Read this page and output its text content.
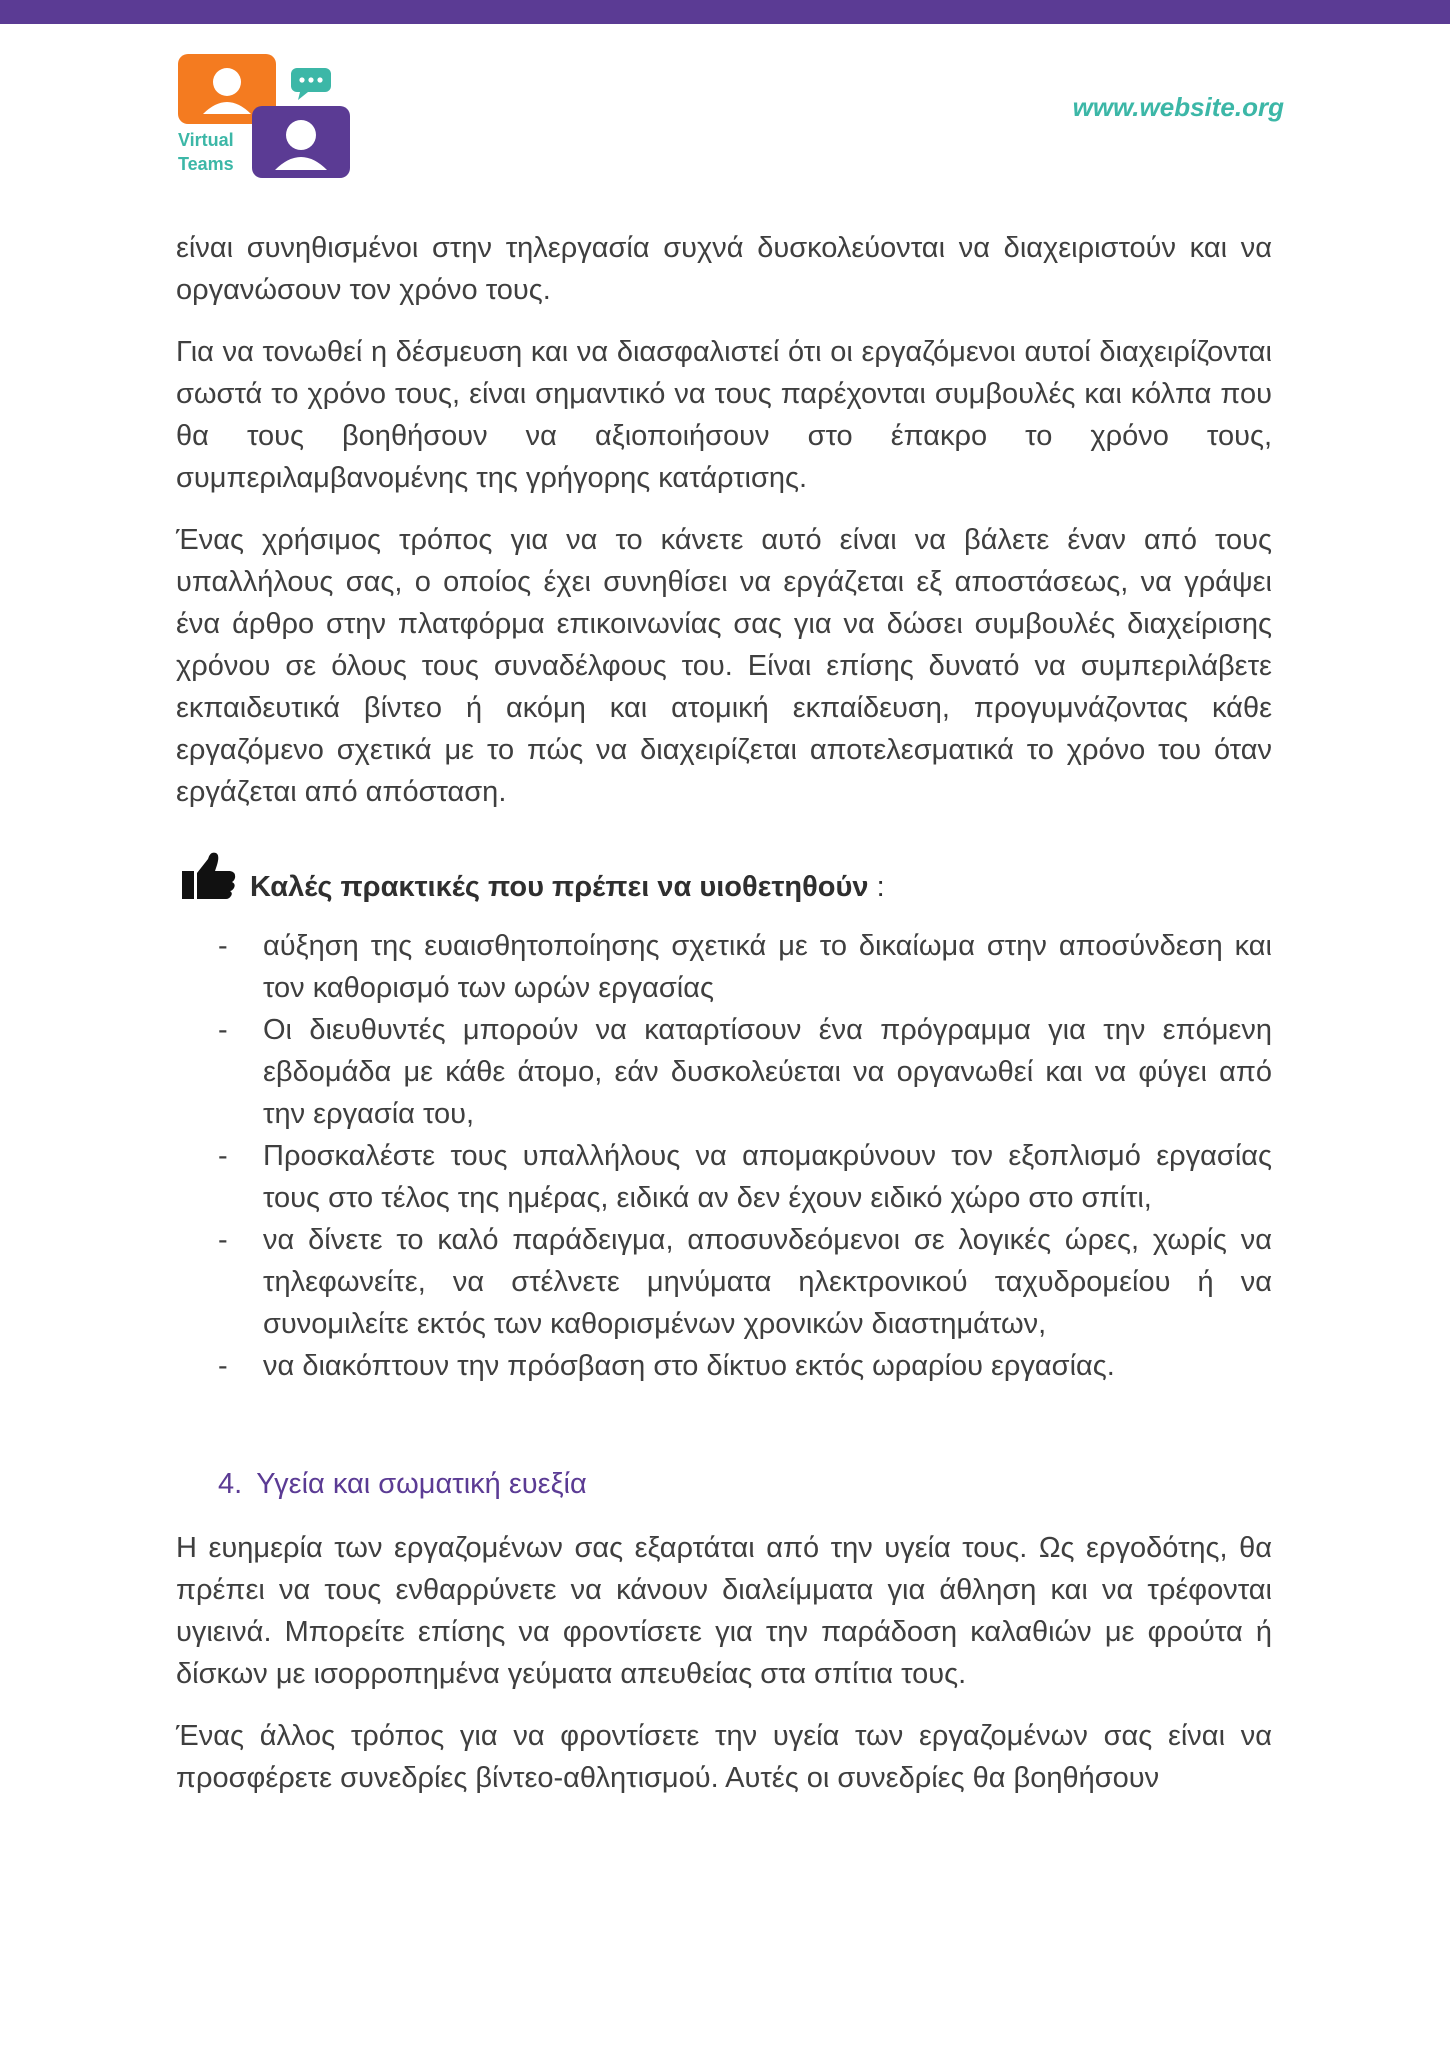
Virtual
Teams
www.website.org

είναι συνηθισμένοι στην τηλεργασία συχνά δυσκολεύονται να διαχειριστούν και να οργανώσουν τον χρόνο τους.

Για να τονωθεί η δέσμευση και να διασφαλιστεί ότι οι εργαζόμενοι αυτοί διαχειρίζονται σωστά το χρόνο τους, είναι σημαντικό να τους παρέχονται συμβουλές και κόλπα που θα τους βοηθήσουν να αξιοποιήσουν στο έπακρο το χρόνο τους, συμπεριλαμβανομένης της γρήγορης κατάρτισης.

Ένας χρήσιμος τρόπος για να το κάνετε αυτό είναι να βάλετε έναν από τους υπαλλήλους σας, ο οποίος έχει συνηθίσει να εργάζεται εξ αποστάσεως, να γράψει ένα άρθρο στην πλατφόρμα επικοινωνίας σας για να δώσει συμβουλές διαχείρισης χρόνου σε όλους τους συναδέλφους του. Είναι επίσης δυνατό να συμπεριλάβετε εκπαιδευτικά βίντεο ή ακόμη και ατομική εκπαίδευση, προγυμνάζοντας κάθε εργαζόμενο σχετικά με το πώς να διαχειρίζεται αποτελεσματικά το χρόνο του όταν εργάζεται από απόσταση.

Καλές πρακτικές που πρέπει να υιοθετηθούν :
- αύξηση της ευαισθητοποίησης σχετικά με το δικαίωμα στην αποσύνδεση και τον καθορισμό των ωρών εργασίας
- Οι διευθυντές μπορούν να καταρτίσουν ένα πρόγραμμα για την επόμενη εβδομάδα με κάθε άτομο, εάν δυσκολεύεται να οργανωθεί και να φύγει από την εργασία του,
- Προσκαλέστε τους υπαλλήλους να απομακρύνουν τον εξοπλισμό εργασίας τους στο τέλος της ημέρας, ειδικά αν δεν έχουν ειδικό χώρο στο σπίτι,
- να δίνετε το καλό παράδειγμα, αποσυνδεόμενοι σε λογικές ώρες, χωρίς να τηλεφωνείτε, να στέλνετε μηνύματα ηλεκτρονικού ταχυδρομείου ή να συνομιλείτε εκτός των καθορισμένων χρονικών διαστημάτων,
- να διακόπτουν την πρόσβαση στο δίκτυο εκτός ωραρίου εργασίας.
4. Υγεία και σωματική ευεξία

Η ευημερία των εργαζομένων σας εξαρτάται από την υγεία τους. Ως εργοδότης, θα πρέπει να τους ενθαρρύνετε να κάνουν διαλείμματα για άθληση και να τρέφονται υγιεινά. Μπορείτε επίσης να φροντίσετε για την παράδοση καλαθιών με φρούτα ή δίσκων με ισορροπημένα γεύματα απευθείας στα σπίτια τους.

Ένας άλλος τρόπος για να φροντίσετε την υγεία των εργαζομένων σας είναι να προσφέρετε συνεδρίες βίντεο-αθλητισμού. Αυτές οι συνεδρίες θα βοηθήσουν
